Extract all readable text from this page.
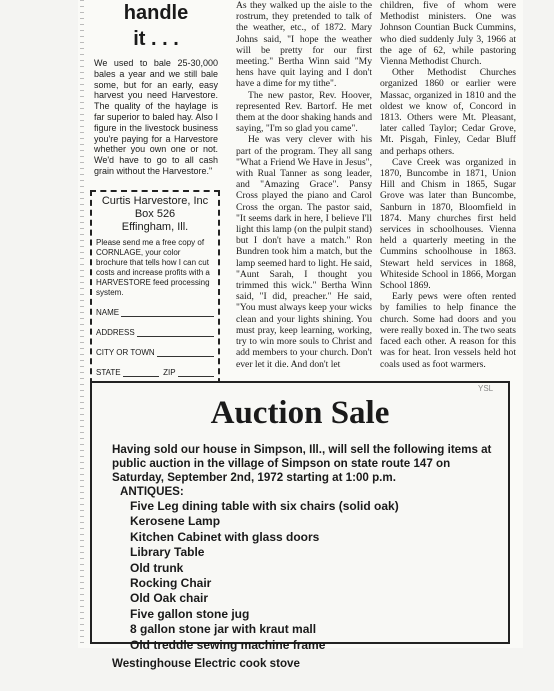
handle
it . . .
We used to bale 25-30,000 bales a year and we still bale some, but for an early, easy harvest you need Harvestore. The quality of the haylage is far superior to baled hay. Also I figure in the livestock business you're paying for a Harvestore whether you own one or not. We'd have to go to all cash grain without the Harvestore."
Curtis Harvestore, Inc
Box 526
Effingham, Ill.
Please send me a free copy of CORNLAGE, your color brochure that tells how I can cut costs and increase profits with a HARVESTORE feed processing system.
NAME
ADDRESS
CITY OR TOWN
STATE	ZIP

As they walked up the aisle to the rostrum, they pretended to talk of the weather, etc., of 1872. Mary Johns said, "I hope the weather will be pretty for our first meeting." Bertha Winn said "My hens have quit laying and I don't have a dime for my tithe".

The new pastor, Rev. Hoover, represented Rev. Bartorf. He met them at the door shaking hands and saying, "I'm so glad you came".

He was very clever with his part of the program. They all sang "What a Friend We Have in Jesus", with Rual Tanner as song leader, and "Amazing Grace". Pansy Cross played the piano and Carol Cross the organ. The pastor said, "It seems dark in here, I believe I'll light this lamp (on the pulpit stand) but I don't have a match." Ron Bundren took him a match, but the lamp seemed hard to light. He said, "Aunt Sarah, I thought you trimmed this wick." Bertha Winn said, "I did, preacher." He said, "You must always keep your wicks clean and your lights shining. You must pray, keep learning, working, try to win more souls to Christ and add members to your church. Don't ever let it die. And don't let

children, five of whom were Methodist ministers. One was Johnson Countian Buck Cummins, who died suddenly July 3, 1966 at the age of 62, while pastoring Vienna Methodist Church.

Other Methodist Churches organized 1860 or earlier were Massac, organized in 1810 and the oldest we know of, Concord in 1813. Others were Mt. Pleasant, later called Taylor; Cedar Grove, Mt. Pisgah, Finley, Cedar Bluff and perhaps others.

Cave Creek was organized in 1870, Buncombe in 1871, Union Hill and Chism in 1865, Sugar Grove was later than Buncombe, Sanburn in 1870, Bloomfield in 1874. Many churches first held services in schoolhouses. Vienna held a quarterly meeting in the Cummins schoolhouse in 1863. Stewart held services in 1868, Whiteside School in 1866, Morgan School 1869.

Early pews were often rented by families to help finance the church. Some had doors and you were really boxed in. The two seats faced each other. A reason for this was for heat. Iron vessels held hot coals used as foot warmers.

Auction Sale
Having sold our house in Simpson, Ill., will sell the following items at public auction in the village of Simpson on state route 147 on Saturday, September 2nd, 1972 starting at 1:00 p.m.
ANTIQUES:
Five Leg dining table with six chairs (solid oak)
Kerosene Lamp
Kitchen Cabinet with glass doors
Library Table
Old trunk
Rocking Chair
Old Oak chair
Five gallon stone jug
8 gallon stone jar with kraut mall
Old treddle sewing machine frame
Westinghouse Electric cook stove
YSL
